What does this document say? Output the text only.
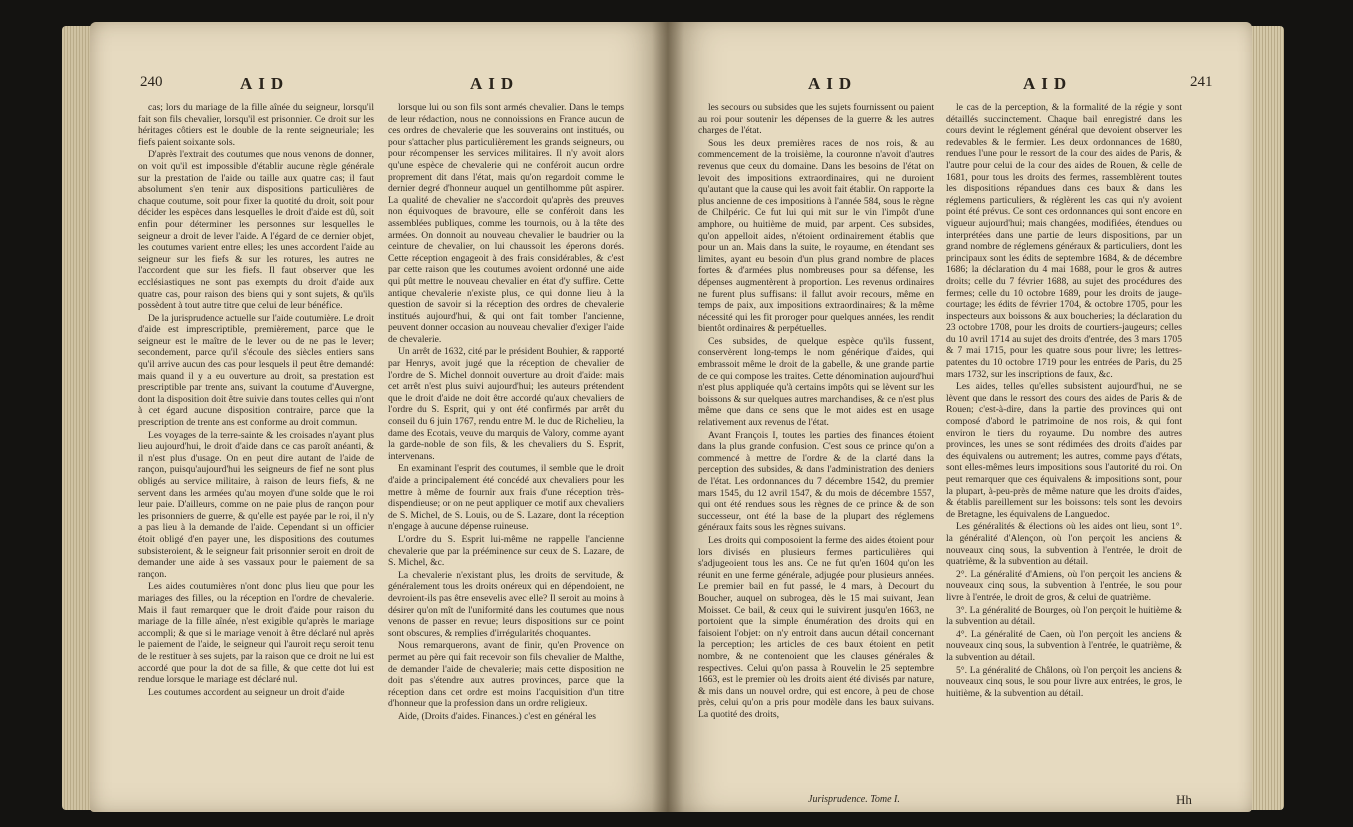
240	AID	AID

cas; lors du mariage de la fille aînée du seigneur, lorsqu'il fait son fils chevalier, lorsqu'il est prisonnier. Ce droit sur les héritages côtiers est le double de la rente seigneuriale; les fiefs paient soixante sols.

D'après l'extrait des coutumes que nous venons de donner, on voit qu'il est impossible d'établir aucune règle générale sur la prestation de l'aide ou taille aux quatre cas; il faut absolument s'en tenir aux dispositions particulières de chaque coutume, soit pour fixer la quotité du droit, soit pour décider les espèces dans lesquelles le droit d'aide est dû, soit enfin pour déterminer les personnes sur lesquelles le seigneur a droit de lever l'aide. A l'égard de ce dernier objet, les coutumes varient entre elles; les unes accordent l'aide au seigneur sur les fiefs & sur les rotures, les autres ne l'accordent que sur les fiefs. Il faut observer que les ecclésiastiques ne sont pas exempts du droit d'aide aux quatre cas, pour raison des biens qui y sont sujets, & qu'ils possèdent à tout autre titre que celui de leur bénéfice.

De la jurisprudence actuelle sur l'aide coutumière. Le droit d'aide est imprescriptible, premièrement, parce que le seigneur est le maître de le lever ou de ne pas le lever; secondement, parce qu'il s'écoule des siècles entiers sans qu'il arrive aucun des cas pour lesquels il peut être demandé: mais quand il y a eu ouverture au droit, sa prestation est prescriptible par trente ans, suivant la coutume d'Auvergne, dont la disposition doit être suivie dans toutes celles qui n'ont à cet égard aucune disposition contraire, parce que la prescription de trente ans est conforme au droit commun.

Les voyages de la terre-sainte & les croisades n'ayant plus lieu aujourd'hui, le droit d'aide dans ce cas paroît anéanti, & il n'est plus d'usage. On en peut dire autant de l'aide de rançon, puisqu'aujourd'hui les seigneurs de fief ne sont plus obligés au service militaire, à raison de leurs fiefs, & ne servent dans les armées qu'au moyen d'une solde que le roi leur paie. D'ailleurs, comme on ne paie plus de rançon pour les prisonniers de guerre, & qu'elle est payée par le roi, il n'y a pas lieu à la demande de l'aide. Cependant si un officier étoit obligé d'en payer une, les dispositions des coutumes subsisteroient, & le seigneur fait prisonnier seroit en droit de demander une aide à ses vassaux pour le paiement de sa rançon.

Les aides coutumières n'ont donc plus lieu que pour les mariages des filles, ou la réception en l'ordre de chevalerie. Mais il faut remarquer que le droit d'aide pour raison du mariage de la fille aînée, n'est exigible qu'après le mariage accompli; & que si le mariage venoit à être déclaré nul après le paiement de l'aide, le seigneur qui l'auroit reçu seroit tenu de le restituer à ses sujets, par la raison que ce droit ne lui est accordé que pour la dot de sa fille, & que cette dot lui est rendue lorsque le mariage est déclaré nul.

Les coutumes accordent au seigneur un droit d'aide

lorsque lui ou son fils sont armés chevalier. Dans le temps de leur rédaction, nous ne connoissions en France aucun de ces ordres de chevalerie que les souverains ont institués, ou pour s'attacher plus particulièrement les grands seigneurs, ou pour récompenser les services militaires. Il n'y avoit alors qu'une espèce de chevalerie qui ne conféroit aucun ordre proprement dit dans l'état, mais qu'on regardoit comme le dernier degré d'honneur auquel un gentilhomme pût aspirer. La qualité de chevalier ne s'accordoit qu'après des preuves non équivoques de bravoure, elle se conféroit dans les assemblées publiques, comme les tournois, ou à la tête des armées. On donnoit au nouveau chevalier le baudrier ou la ceinture de chevalier, on lui chaussoit les éperons dorés. Cette réception engageoit à des frais considérables, & c'est par cette raison que les coutumes avoient ordonné une aide qui pût mettre le nouveau chevalier en état d'y suffire. Cette antique chevalerie n'existe plus, ce qui donne lieu à la question de savoir si la réception des ordres de chevalerie institués aujourd'hui, & qui ont fait tomber l'ancienne, peuvent donner occasion au nouveau chevalier d'exiger l'aide de chevalerie.

Un arrêt de 1632, cité par le président Bouhier, & rapporté par Henrys, avoit jugé que la réception de chevalier de l'ordre de S. Michel donnoit ouverture au droit d'aide: mais cet arrêt n'est plus suivi aujourd'hui; les auteurs prétendent que le droit d'aide ne doit être accordé qu'aux chevaliers de l'ordre du S. Esprit, qui y ont été confirmés par arrêt du conseil du 6 juin 1767, rendu entre M. le duc de Richelieu, la dame des Ecotais, veuve du marquis de Valory, comme ayant la garde-noble de son fils, & les chevaliers du S. Esprit, intervenans.

En examinant l'esprit des coutumes, il semble que le droit d'aide a principalement été concédé aux chevaliers pour les mettre à même de fournir aux frais d'une réception très-dispendieuse; or on ne peut appliquer ce motif aux chevaliers de S. Michel, de S. Louis, ou de S. Lazare, dont la réception n'engage à aucune dépense ruineuse.

L'ordre du S. Esprit lui-même ne rappelle l'ancienne chevalerie que par la prééminence sur ceux de S. Lazare, de S. Michel, &c.

La chevalerie n'existant plus, les droits de servitude, & généralement tous les droits onéreux qui en dépendoient, ne devroient-ils pas être ensevelis avec elle? Il seroit au moins à désirer qu'on mît de l'uniformité dans les coutumes que nous venons de passer en revue; leurs dispositions sur ce point sont obscures, & remplies d'irrégularités choquantes.

Nous remarquerons, avant de finir, qu'en Provence on permet au père qui fait recevoir son fils chevalier de Malthe, de demander l'aide de chevalerie; mais cette disposition ne doit pas s'étendre aux autres provinces, parce que la réception dans cet ordre est moins l'acquisition d'un titre d'honneur que la profession dans un ordre religieux.

Aide, (Droits d'aides. Finances.) c'est en général les

AID	AID	241

les secours ou subsides que les sujets fournissent ou paient au roi pour soutenir les dépenses de la guerre & les autres charges de l'état.

Sous les deux premières races de nos rois, & au commencement de la troisième, la couronne n'avoit d'autres revenus que ceux du domaine. Dans les besoins de l'état on levoit des impositions extraordinaires, qui ne duroient qu'autant que la cause qui les avoit fait établir. On rapporte la plus ancienne de ces impositions à l'année 584, sous le règne de Chilpéric. Ce fut lui qui mit sur le vin l'impôt d'une amphore, ou huitième de muid, par arpent. Ces subsides, qu'on appelloit aides, n'étoient ordinairement établis que pour un an. Mais dans la suite, le royaume, en étendant ses limites, ayant eu besoin d'un plus grand nombre de places fortes & d'armées plus nombreuses pour sa défense, les dépenses augmentèrent à proportion. Les revenus ordinaires ne furent plus suffisans: il fallut avoir recours, même en temps de paix, aux impositions extraordinaires; & la même nécessité qui les fit proroger pour quelques années, les rendit bientôt ordinaires & perpétuelles.

Ces subsides, de quelque espèce qu'ils fussent, conservèrent long-temps le nom générique d'aides, qui embrassoit même le droit de la gabelle, & une grande partie de ce qui compose les traites. Cette dénomination aujourd'hui n'est plus appliquée qu'à certains impôts qui se lèvent sur les boissons & sur quelques autres marchandises, & ce n'est plus même que dans ce sens que le mot aides est en usage relativement aux revenus de l'état.

Avant François I, toutes les parties des finances étoient dans la plus grande confusion. C'est sous ce prince qu'on a commencé à mettre de l'ordre & de la clarté dans la perception des subsides, & dans l'administration des deniers de l'état. Les ordonnances du 7 décembre 1542, du premier mars 1545, du 12 avril 1547, & du mois de décembre 1557, qui ont été rendues sous les règnes de ce prince & de son successeur, ont été la base de la plupart des réglemens généraux faits sous les règnes suivans.

Les droits qui composoient la ferme des aides étoient pour lors divisés en plusieurs fermes particulières qui s'adjugeoient tous les ans. Ce ne fut qu'en 1604 qu'on les réunit en une ferme générale, adjugée pour plusieurs années. Le premier bail en fut passé, le 4 mars, à Decourt du Boucher, auquel on subrogea, dès le 15 mai suivant, Jean Moisset. Ce bail, & ceux qui le suivirent jusqu'en 1663, ne portoient que la simple énumération des droits qui en faisoient l'objet: on n'y entroit dans aucun détail concernant la perception; les articles de ces baux étoient en petit nombre, & ne contenoient que les clauses générales & respectives. Celui qu'on passa à Rouvelin le 25 septembre 1663, est le premier où les droits aient été divisés par nature, & mis dans un nouvel ordre, qui est encore, à peu de chose près, celui qu'on a pris pour modèle dans les baux suivans. La quotité des droits,

le cas de la perception, & la formalité de la régie y sont détaillés succinctement. Chaque bail enregistré dans les cours devint le réglement général que devoient observer les redevables & le fermier. Les deux ordonnances de 1680, rendues l'une pour le ressort de la cour des aides de Paris, & l'autre pour celui de la cour des aides de Rouen, & celle de 1681, pour tous les droits des fermes, rassemblèrent toutes les dispositions répandues dans ces baux & dans les réglemens particuliers, & réglèrent les cas qui n'y avoient point été prévus. Ce sont ces ordonnances qui sont encore en vigueur aujourd'hui; mais changées, modifiées, étendues ou interprétées dans une partie de leurs dispositions, par un grand nombre de réglemens généraux & particuliers, dont les principaux sont les édits de septembre 1684, & de décembre 1686; la déclaration du 4 mai 1688, pour le gros & autres droits; celle du 7 février 1688, au sujet des procédures des fermes; celle du 10 octobre 1689, pour les droits de jauge-courtage; les édits de février 1704, & octobre 1705, pour les inspecteurs aux boissons & aux boucheries; la déclaration du 23 octobre 1708, pour les droits de courtiers-jaugeurs; celles du 10 avril 1714 au sujet des droits d'entrée, des 3 mars 1705 & 7 mai 1715, pour les quatre sous pour livre; les lettres-patentes du 10 octobre 1719 pour les entrées de Paris, du 25 mars 1732, sur les inscriptions de faux, &c.

Les aides, telles qu'elles subsistent aujourd'hui, ne se lèvent que dans le ressort des cours des aides de Paris & de Rouen; c'est-à-dire, dans la partie des provinces qui ont composé d'abord le patrimoine de nos rois, & qui font environ le tiers du royaume. Du nombre des autres provinces, les unes se sont rédimées des droits d'aides par des équivalens ou autrement; les autres, comme pays d'états, sont elles-mêmes leurs impositions sous l'autorité du roi. On peut remarquer que ces équivalens & impositions sont, pour la plupart, à-peu-près de même nature que les droits d'aides, & établis pareillement sur les boissons: tels sont les devoirs de Bretagne, les équivalens de Languedoc.

Les généralités & élections où les aides ont lieu, sont 1°. la généralité d'Alençon, où l'on perçoit les anciens & nouveaux cinq sous, la subvention à l'entrée, le droit de quatrième, & la subvention au détail.

2°. La généralité d'Amiens, où l'on perçoit les anciens & nouveaux cinq sous, la subvention à l'entrée, le sou pour livre à l'entrée, le droit de gros, & celui de quatrième.

3°. La généralité de Bourges, où l'on perçoit le huitième & la subvention au détail.

4°. La généralité de Caen, où l'on perçoit les anciens & nouveaux cinq sous, la subvention à l'entrée, le quatrième, & la subvention au détail.

5°. La généralité de Châlons, où l'on perçoit les anciens & nouveaux cinq sous, le sou pour livre aux entrées, le gros, le huitième, & la subvention au détail.

Jurisprudence. Tome I.	Hh
